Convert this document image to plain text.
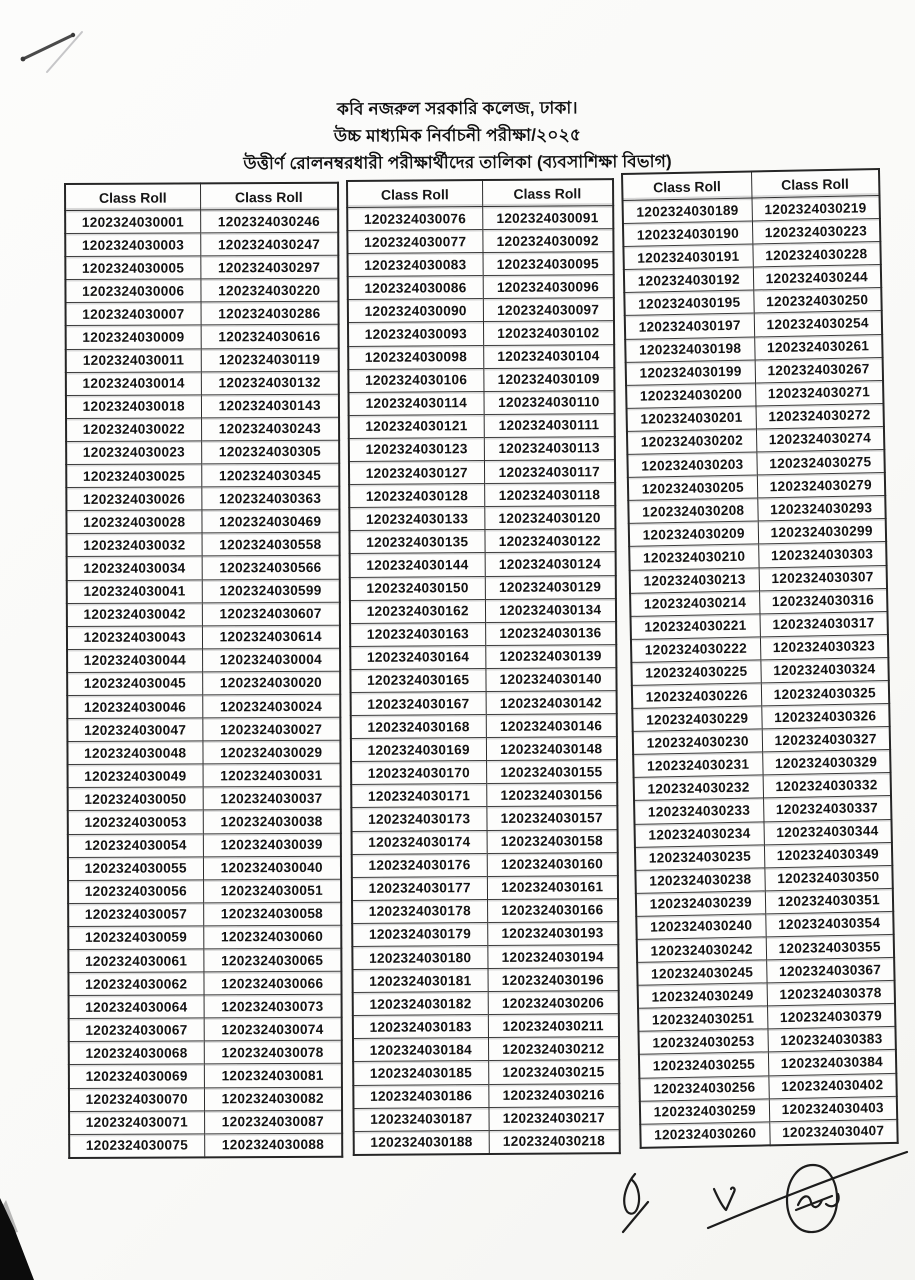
কবি নজরুল সরকারি কলেজ, ঢাকা।
উচ্চ মাধ্যমিক নির্বাচনী পরীক্ষা/২০২৫
উত্তীর্ণ রোলনম্বরধারী পরীক্ষার্থীদের তালিকা (ব্যবসাশিক্ষা বিভাগ)
Class Roll	Class Roll
1202324030001	1202324030246
1202324030003	1202324030247
1202324030005	1202324030297
1202324030006	1202324030220
1202324030007	1202324030286
1202324030009	1202324030616
1202324030011	1202324030119
1202324030014	1202324030132
1202324030018	1202324030143
1202324030022	1202324030243
1202324030023	1202324030305
1202324030025	1202324030345
1202324030026	1202324030363
1202324030028	1202324030469
1202324030032	1202324030558
1202324030034	1202324030566
1202324030041	1202324030599
1202324030042	1202324030607
1202324030043	1202324030614
1202324030044	1202324030004
1202324030045	1202324030020
1202324030046	1202324030024
1202324030047	1202324030027
1202324030048	1202324030029
1202324030049	1202324030031
1202324030050	1202324030037
1202324030053	1202324030038
1202324030054	1202324030039
1202324030055	1202324030040
1202324030056	1202324030051
1202324030057	1202324030058
1202324030059	1202324030060
1202324030061	1202324030065
1202324030062	1202324030066
1202324030064	1202324030073
1202324030067	1202324030074
1202324030068	1202324030078
1202324030069	1202324030081
1202324030070	1202324030082
1202324030071	1202324030087
1202324030075	1202324030088
Class Roll	Class Roll
1202324030076	1202324030091
1202324030077	1202324030092
1202324030083	1202324030095
1202324030086	1202324030096
1202324030090	1202324030097
1202324030093	1202324030102
1202324030098	1202324030104
1202324030106	1202324030109
1202324030114	1202324030110
1202324030121	1202324030111
1202324030123	1202324030113
1202324030127	1202324030117
1202324030128	1202324030118
1202324030133	1202324030120
1202324030135	1202324030122
1202324030144	1202324030124
1202324030150	1202324030129
1202324030162	1202324030134
1202324030163	1202324030136
1202324030164	1202324030139
1202324030165	1202324030140
1202324030167	1202324030142
1202324030168	1202324030146
1202324030169	1202324030148
1202324030170	1202324030155
1202324030171	1202324030156
1202324030173	1202324030157
1202324030174	1202324030158
1202324030176	1202324030160
1202324030177	1202324030161
1202324030178	1202324030166
1202324030179	1202324030193
1202324030180	1202324030194
1202324030181	1202324030196
1202324030182	1202324030206
1202324030183	1202324030211
1202324030184	1202324030212
1202324030185	1202324030215
1202324030186	1202324030216
1202324030187	1202324030217
1202324030188	1202324030218
Class Roll	Class Roll
1202324030189	1202324030219
1202324030190	1202324030223
1202324030191	1202324030228
1202324030192	1202324030244
1202324030195	1202324030250
1202324030197	1202324030254
1202324030198	1202324030261
1202324030199	1202324030267
1202324030200	1202324030271
1202324030201	1202324030272
1202324030202	1202324030274
1202324030203	1202324030275
1202324030205	1202324030279
1202324030208	1202324030293
1202324030209	1202324030299
1202324030210	1202324030303
1202324030213	1202324030307
1202324030214	1202324030316
1202324030221	1202324030317
1202324030222	1202324030323
1202324030225	1202324030324
1202324030226	1202324030325
1202324030229	1202324030326
1202324030230	1202324030327
1202324030231	1202324030329
1202324030232	1202324030332
1202324030233	1202324030337
1202324030234	1202324030344
1202324030235	1202324030349
1202324030238	1202324030350
1202324030239	1202324030351
1202324030240	1202324030354
1202324030242	1202324030355
1202324030245	1202324030367
1202324030249	1202324030378
1202324030251	1202324030379
1202324030253	1202324030383
1202324030255	1202324030384
1202324030256	1202324030402
1202324030259	1202324030403
1202324030260	1202324030407
